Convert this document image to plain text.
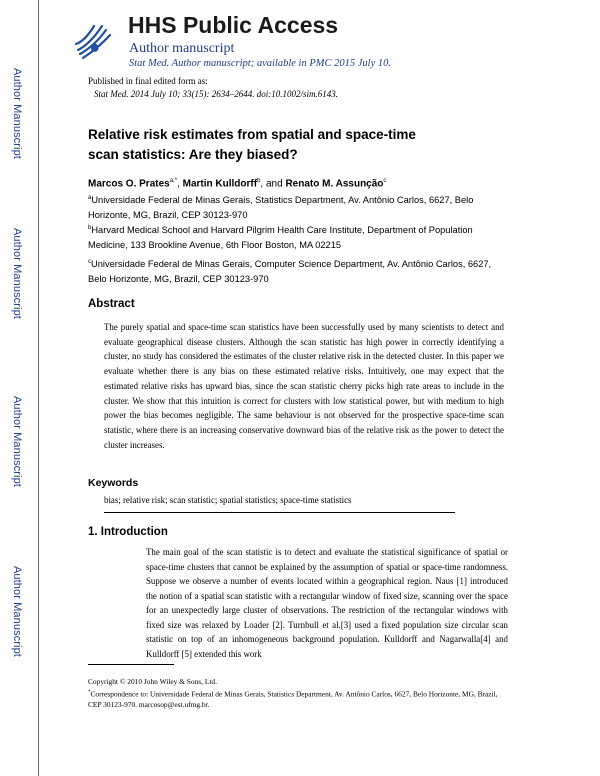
Author Manuscript
Author Manuscript
Author Manuscript
Author Manuscript
HHS Public Access
Author manuscript
Stat Med. Author manuscript; available in PMC 2015 July 10.
Published in final edited form as:
Stat Med. 2014 July 10; 33(15): 2634–2644. doi:10.1002/sim.6143.
Relative risk estimates from spatial and space-time scan statistics: Are they biased?
Marcos O. Prates$^{a,*}$, Martin Kulldorff$^b$, and Renato M. Assunção$^c$
$^a$Universidade Federal de Minas Gerais, Statistics Department, Av. Antônio Carlos, 6627, Belo Horizonte, MG, Brazil, CEP 30123-970
$^b$Harvard Medical School and Harvard Pilgrim Health Care Institute, Department of Population Medicine, 133 Brookline Avenue, 6th Floor Boston, MA 02215
$^c$Universidade Federal de Minas Gerais, Computer Science Department, Av. Antônio Carlos, 6627, Belo Horizonte, MG, Brazil, CEP 30123-970
Abstract
The purely spatial and space-time scan statistics have been successfully used by many scientists to detect and evaluate geographical disease clusters. Although the scan statistic has high power in correctly identifying a cluster, no study has considered the estimates of the cluster relative risk in the detected cluster. In this paper we evaluate whether there is any bias on these estimated relative risks. Intuitively, one may expect that the estimated relative risks has upward bias, since the scan statistic cherry picks high rate areas to include in the cluster. We show that this intuition is correct for clusters with low statistical power, but with medium to high power the bias becomes negligible. The same behaviour is not observed for the prospective space-time scan statistic, where there is an increasing conservative downward bias of the relative risk as the power to detect the cluster increases.
Keywords
bias; relative risk; scan statistic; spatial statistics; space-time statistics
1. Introduction
The main goal of the scan statistic is to detect and evaluate the statistical significance of spatial or space-time clusters that cannot be explained by the assumption of spatial or space-time randomness. Suppose we observe a number of events located within a geographical region. Naus [1] introduced the notion of a spatial scan statistic with a rectangular window of fixed size, scanning over the space for an unexpectedly large cluster of observations. The restriction of the rectangular windows with fixed size was relaxed by Loader [2]. Turnbull et al.[3] used a fixed population size circular scan statistic on top of an inhomogeneous background population. Kulldorff and Nagarwalla[4] and Kulldorff [5] extended this work
Copyright © 2010 John Wiley & Sons, Ltd.
*Correspondence to: Universidade Federal de Minas Gerais, Statistics Department, Av. Antônio Carlos, 6627, Belo Horizonte, MG, Brazil, CEP 30123-970. marcosop@est.ufmg.br.
